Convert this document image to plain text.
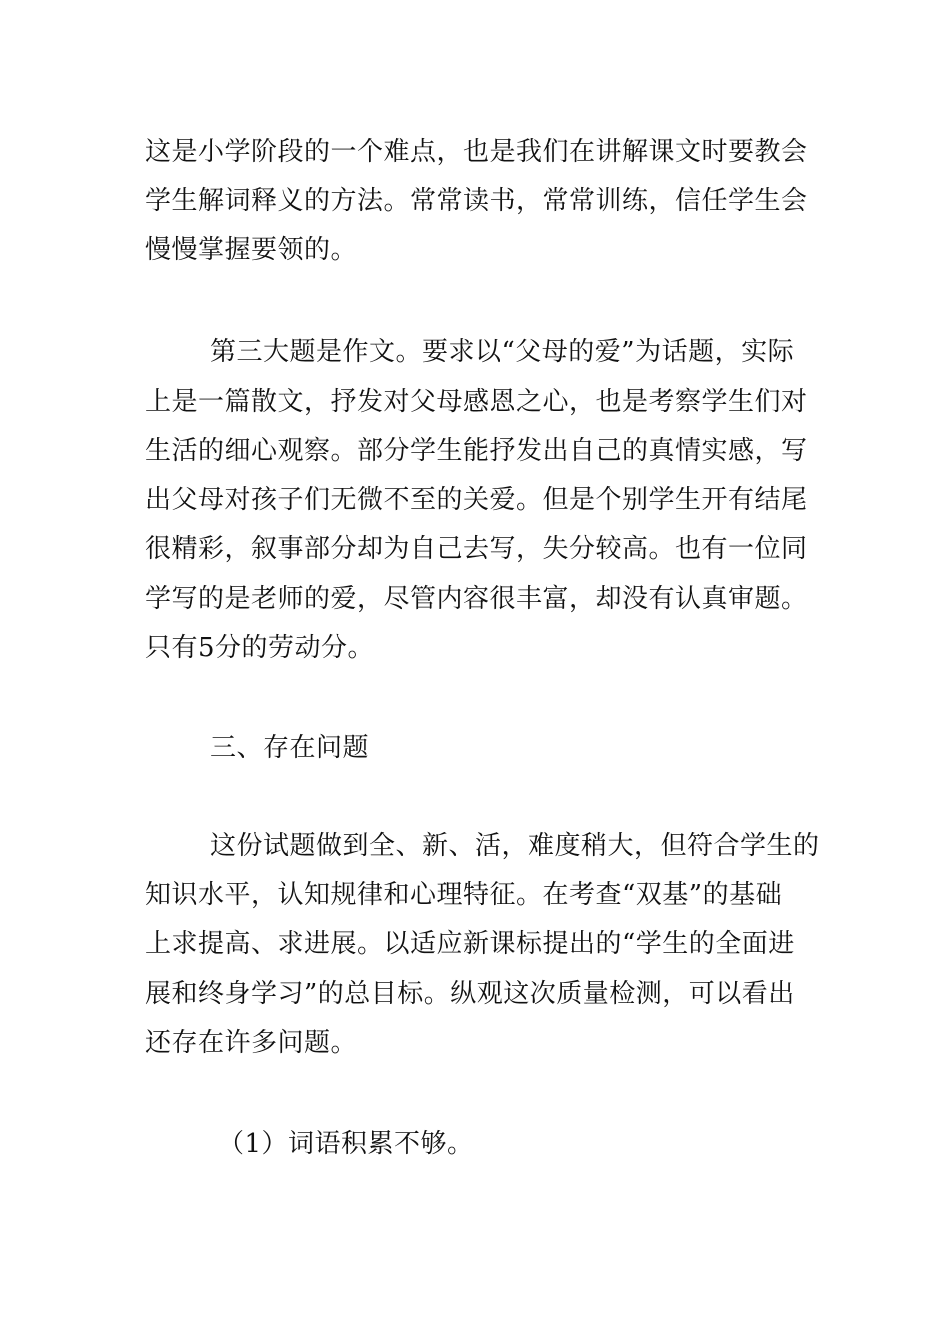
这是小学阶段的一个难点，也是我们在讲解课文时要教会
学生解词释义的方法。常常读书，常常训练，信任学生会
慢慢掌握要领的。
第三大题是作文。要求以“父母的爱”为话题，实际
上是一篇散文，抒发对父母感恩之心，也是考察学生们对
生活的细心观察。部分学生能抒发出自己的真情实感，写
出父母对孩子们无微不至的关爱。但是个别学生开有结尾
很精彩，叙事部分却为自己去写，失分较高。也有一位同
学写的是老师的爱，尽管内容很丰富，却没有认真审题。
只有5分的劳动分。
三、存在问题
这份试题做到全、新、活，难度稍大，但符合学生的
知识水平，认知规律和心理特征。在考查“双基”的基础
上求提高、求进展。以适应新课标提出的“学生的全面进
展和终身学习”的总目标。纵观这次质量检测，可以看出
还存在许多问题。
（1）词语积累不够。
